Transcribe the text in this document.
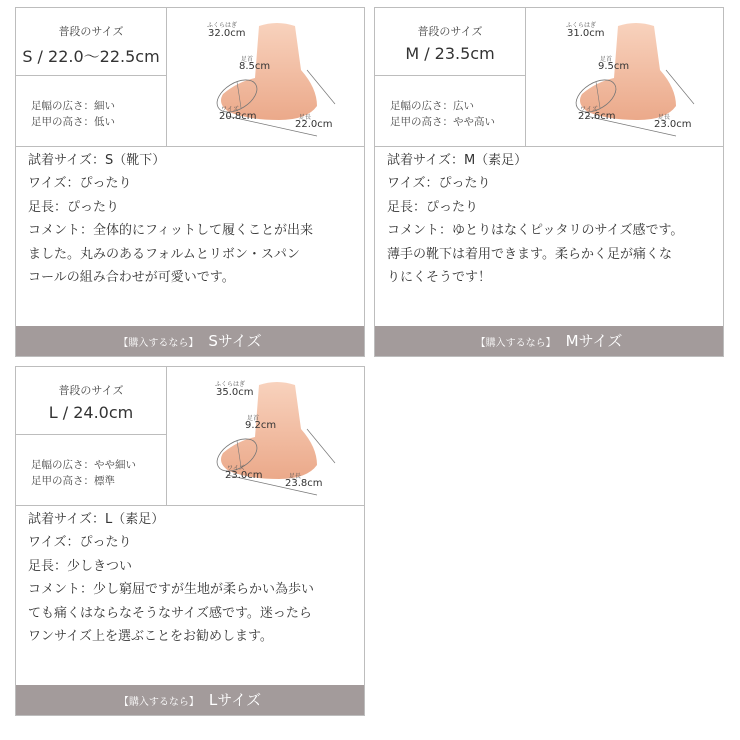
普段のサイズ
S / 22.0〜22.5cm
足幅の広さ：細い
足甲の高さ：低い
ふくらはぎ
32.0cm
足首
8.5cm
ワイズ
20.8cm	足長
22.0cm
試着サイズ：S（靴下）
ワイズ：ぴったり
足長：ぴったり
コメント：全体的にフィットして履くことが出来
ました。丸みのあるフォルムとリボン・スパン
コールの組み合わせが可愛いです。
【購入するなら】 Sサイズ
普段のサイズ
M / 23.5cm
足幅の広さ：広い
足甲の高さ：やや高い
ふくらはぎ
31.0cm
足首
9.5cm
ワイズ
22.6cm	足長
23.0cm
試着サイズ：M（素足）
ワイズ：ぴったり
足長：ぴったり
コメント：ゆとりはなくピッタリのサイズ感です。
薄手の靴下は着用できます。柔らかく足が痛くな
りにくそうです！
【購入するなら】 Mサイズ
普段のサイズ
L / 24.0cm
足幅の広さ：やや細い
足甲の高さ：標準
ふくらはぎ
35.0cm
足首
9.2cm
ワイズ
23.0cm	足長
23.8cm
試着サイズ：L（素足）
ワイズ：ぴったり
足長：少しきつい
コメント：少し窮屈ですが生地が柔らかい為歩い
ても痛くはならなそうなサイズ感です。迷ったら
ワンサイズ上を選ぶことをお勧めします。
【購入するなら】 Lサイズ
